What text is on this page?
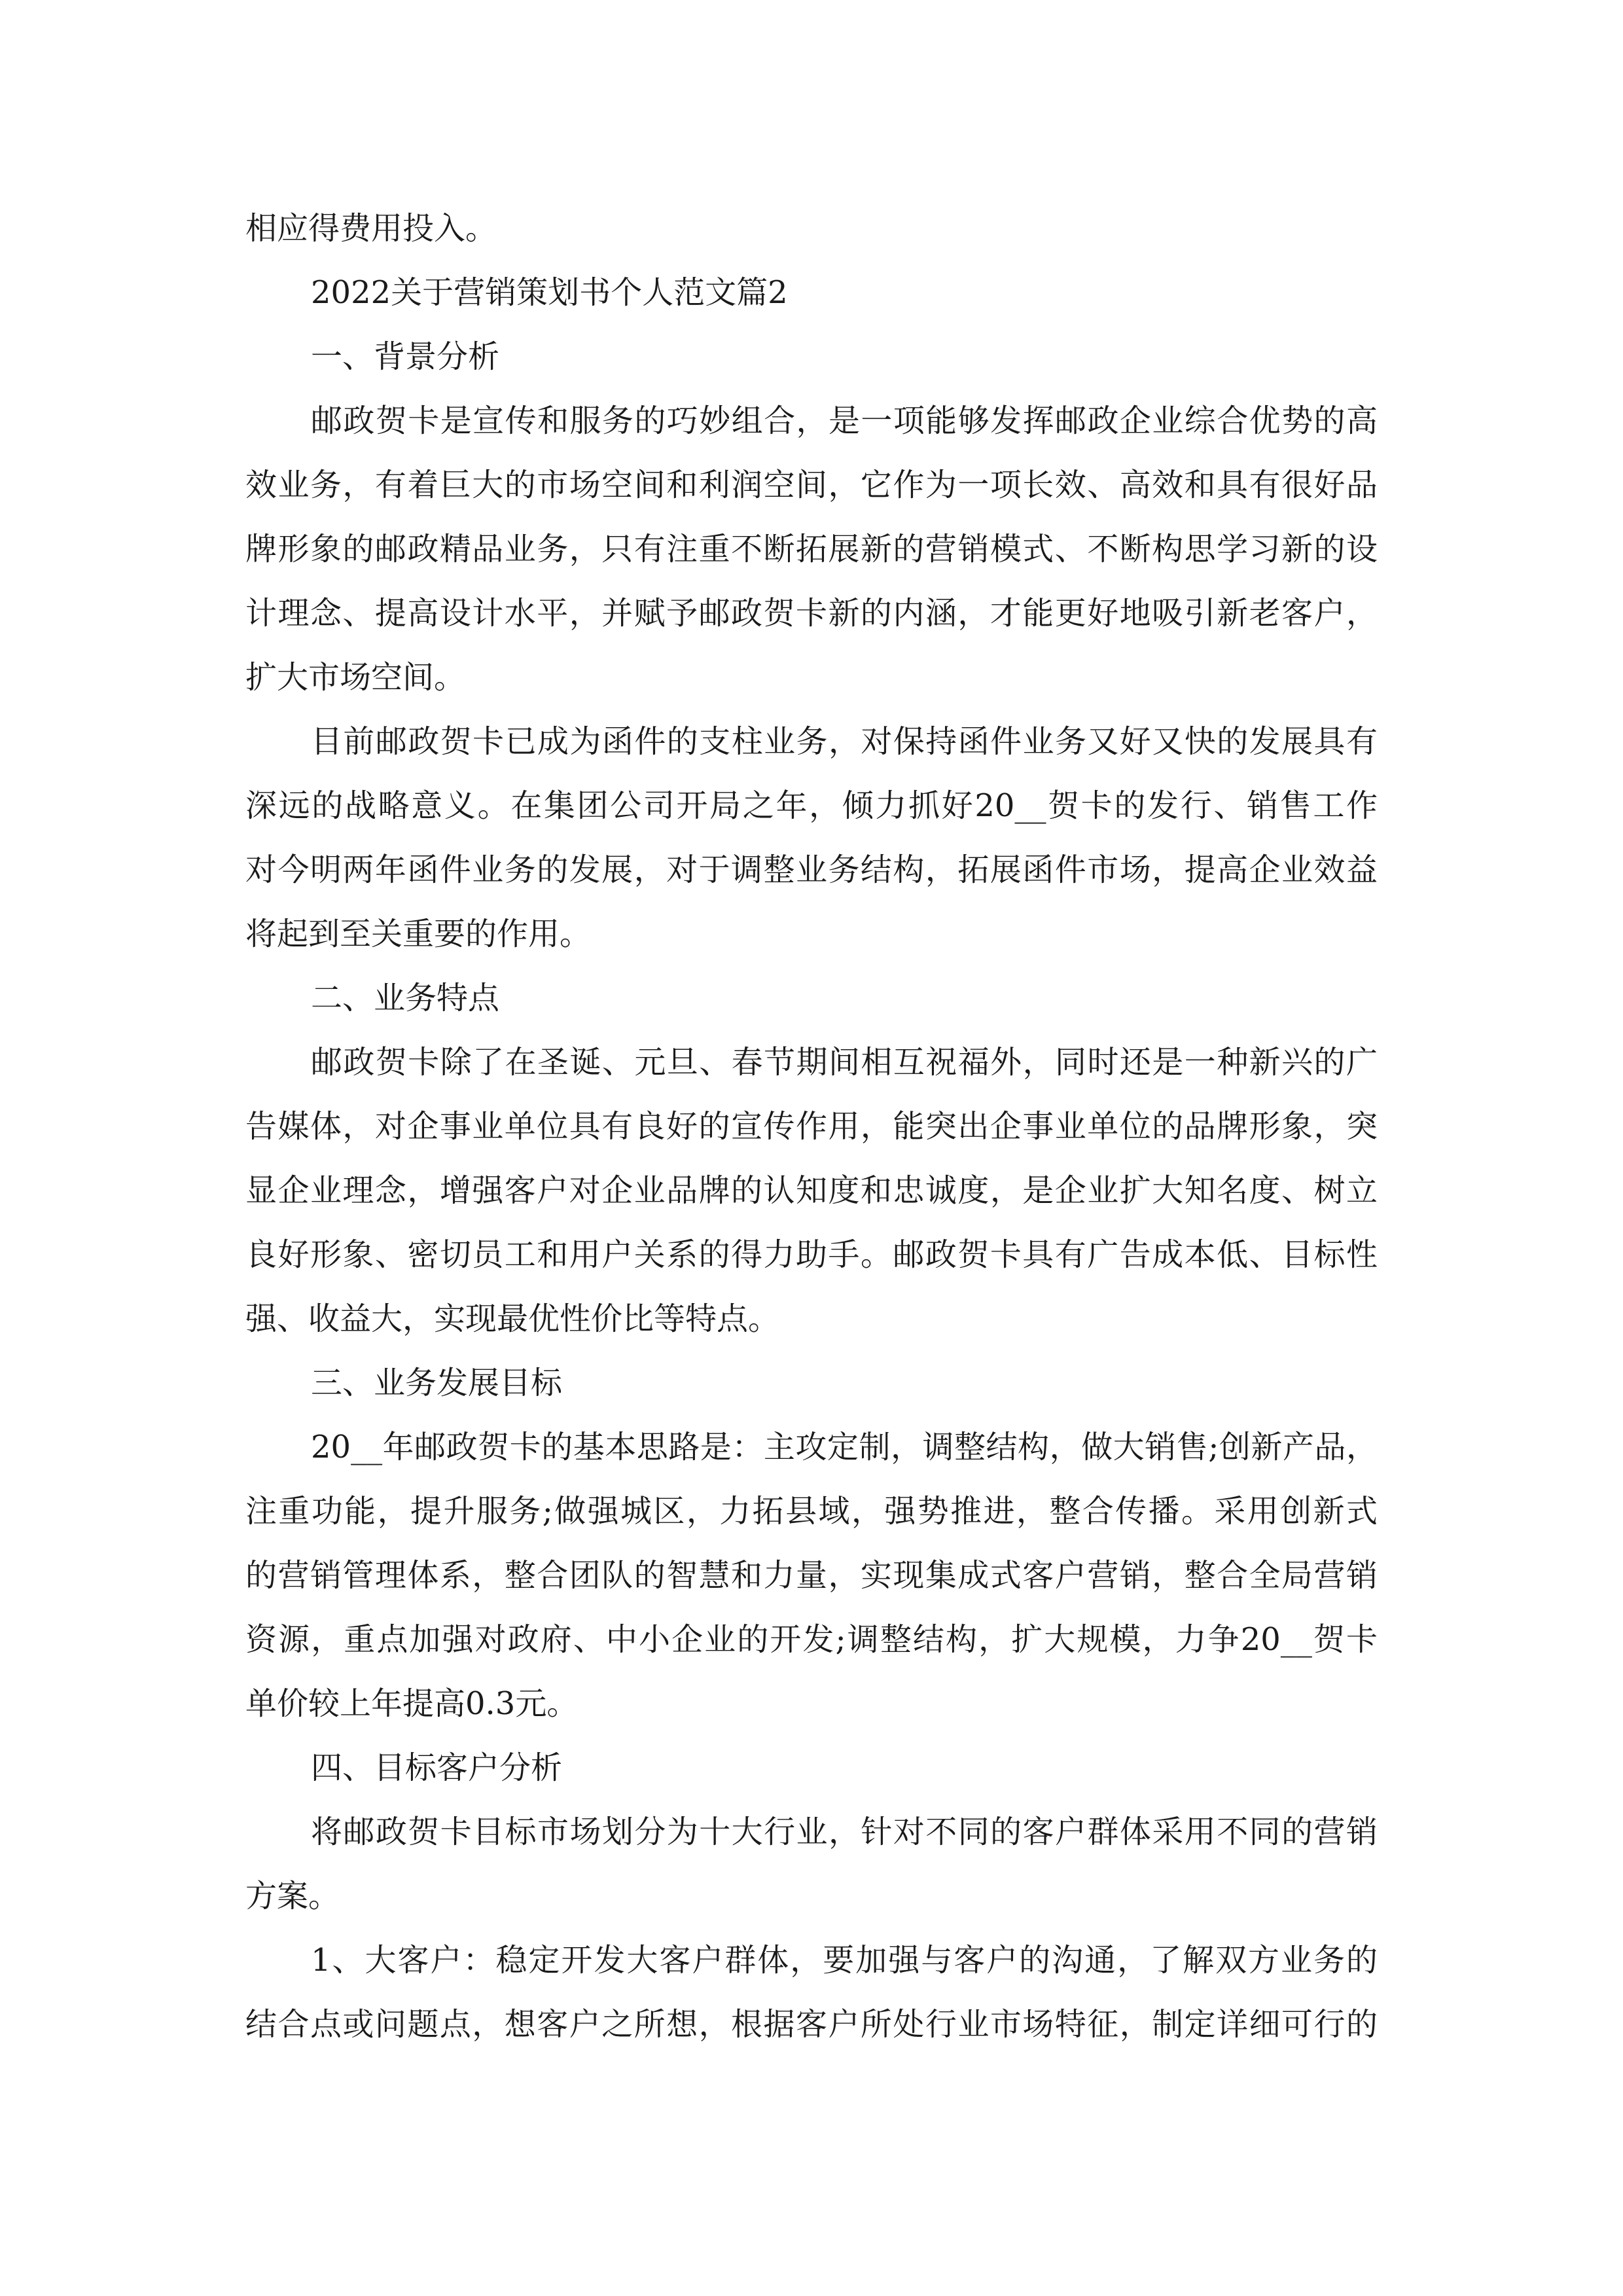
相应得费用投入。

2022关于营销策划书个人范文篇2

一、背景分析

邮政贺卡是宣传和服务的巧妙组合，是一项能够发挥邮政企业综合优势的高

效业务，有着巨大的市场空间和利润空间，它作为一项长效、高效和具有很好品

牌形象的邮政精品业务，只有注重不断拓展新的营销模式、不断构思学习新的设

计理念、提高设计水平，并赋予邮政贺卡新的内涵，才能更好地吸引新老客户，

扩大市场空间。

目前邮政贺卡已成为函件的支柱业务，对保持函件业务又好又快的发展具有

深远的战略意义。在集团公司开局之年，倾力抓好20__贺卡的发行、销售工作

对今明两年函件业务的发展，对于调整业务结构，拓展函件市场，提高企业效益

将起到至关重要的作用。

二、业务特点

邮政贺卡除了在圣诞、元旦、春节期间相互祝福外，同时还是一种新兴的广

告媒体，对企事业单位具有良好的宣传作用，能突出企事业单位的品牌形象，突

显企业理念，增强客户对企业品牌的认知度和忠诚度，是企业扩大知名度、树立

良好形象、密切员工和用户关系的得力助手。邮政贺卡具有广告成本低、目标性

强、收益大，实现最优性价比等特点。

三、业务发展目标

20__年邮政贺卡的基本思路是：主攻定制，调整结构，做大销售;创新产品，

注重功能，提升服务;做强城区，力拓县域，强势推进，整合传播。采用创新式

的营销管理体系，整合团队的智慧和力量，实现集成式客户营销，整合全局营销

资源，重点加强对政府、中小企业的开发;调整结构，扩大规模，力争20__贺卡

单价较上年提高0.3元。

四、目标客户分析

将邮政贺卡目标市场划分为十大行业，针对不同的客户群体采用不同的营销

方案。

1、大客户：稳定开发大客户群体，要加强与客户的沟通，了解双方业务的

结合点或问题点，想客户之所想，根据客户所处行业市场特征，制定详细可行的
